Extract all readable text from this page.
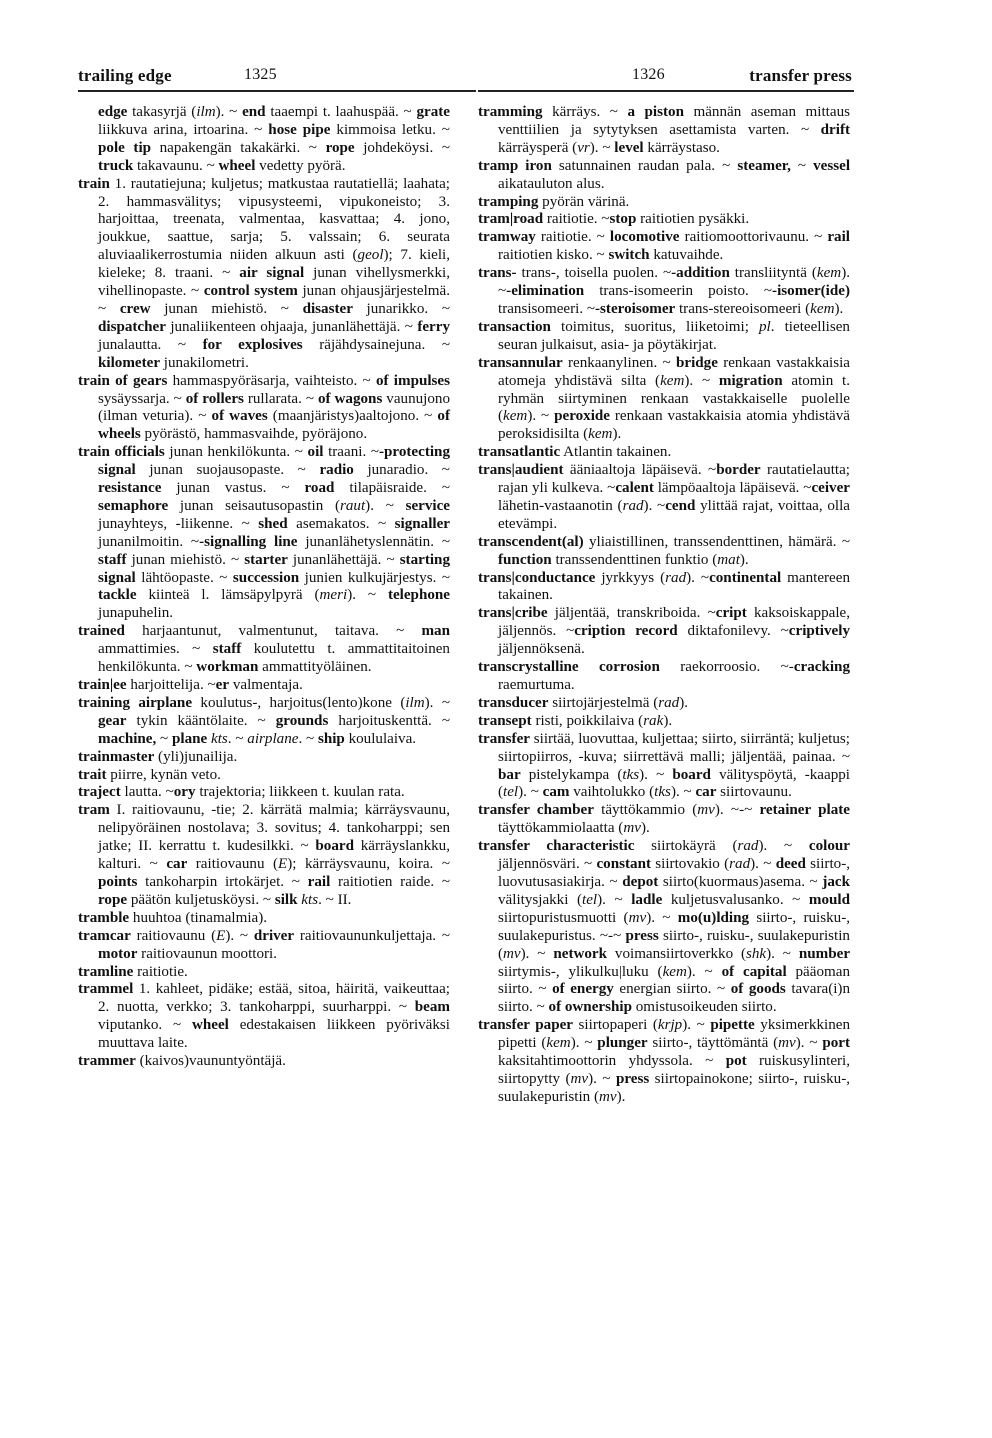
trailing edge	1325	1326	transfer press

edge takasyrjä (ilm). ~ end taaempi t. laahuspää. ~ grate liikkuva arina, irtoarina. ~ hose pipe kimmoisa letku. ~ pole tip napakengän takakärki. ~ rope johdeköysi. ~ truck takavaunu. ~ wheel vedetty pyörä.

train 1. rautatiejuna; kuljetus; matkustaa rautatiellä; laahata; 2. hammasvälitys; vipusysteemi, vipukoneisto; 3. harjoittaa, treenata, valmentaa, kasvattaa; 4. jono, joukkue, saattue, sarja; 5. valssain; 6. seurata aluviaalikerrostumia niiden alkuun asti (geol); 7. kieli, kieleke; 8. traani. ~ air signal junan vihellysmerkki, vihellinopaste. ~ control system junan ohjausjärjestelmä. ~ crew junan miehistö. ~ disaster junarikko. ~ dispatcher junaliikenteen ohjaaja, junanlähettäjä. ~ ferry junalautta. ~ for explosives räjähdysainejuna. ~ kilometer junakilometri.

train of gears hammaspyöräsarja, vaihteisto. ~ of impulses sysäyssarja. ~ of rollers rullarata. ~ of wagons vaunujono (ilman veturia). ~ of waves (maanjäristys)aaltojono. ~ of wheels pyörästö, hammasvaihde, pyöräjono.

train officials junan henkilökunta. ~ oil traani. ~-protecting signal junan suojausopaste. ~ radio junaradio. ~ resistance junan vastus. ~ road tilapäisraide. ~ semaphore junan seisautusopastin (raut). ~ service junayhteys, -liikenne. ~ shed asemakatos. ~ signaller junanilmoitin. ~-signalling line junanlähetyslennätin. ~ staff junan miehistö. ~ starter junanlähettäjä. ~ starting signal lähtöopaste. ~ succession junien kulkujärjestys. ~ tackle kiinteä l. lämsäpylpyrä (meri). ~ telephone junapuhelin.

trained harjaantunut, valmentunut, taitava. ~ man ammattimies. ~ staff koulutettu t. ammattitaitoinen henkilökunta. ~ workman ammattityöläinen.

train|ee harjoittelija. ~er valmentaja.

training airplane koulutus-, harjoitus(lento)kone (ilm). ~ gear tykin kääntölaite. ~ grounds harjoituskenttä. ~ machine, ~ plane kts. ~ airplane. ~ ship koululaiva.

trainmaster (yli)junailija.

trait piirre, kynän veto.

traject lautta. ~ory trajektoria; liikkeen t. kuulan rata.

tram I. raitiovaunu, -tie; 2. kärrätä malmia; kärräysvaunu, nelipyöräinen nostolava; 3. sovitus; 4. tankoharppi; sen jatke; II. kerrattu t. kudesilkki. ~ board kärräyslankku, kalturi. ~ car raitiovaunu (E); kärräysvaunu, koira. ~ points tankoharpin irtokärjet. ~ rail raitiotien raide. ~ rope päätön kuljetusköysi. ~ silk kts. ~ II.

tramble huuhtoa (tinamalmia).

tramcar raitiovaunu (E). ~ driver raitiovaununkuljettaja. ~ motor raitiovaunun moottori.

tramline raitiotie.

trammel 1. kahleet, pidäke; estää, sitoa, häiritä, vaikeuttaa; 2. nuotta, verkko; 3. tankoharppi, suurharppi. ~ beam viputanko. ~ wheel edestakaisen liikkeen pyöriväksi muuttava laite.

trammer (kaivos)vaununtyöntäjä.

tramming kärräys. ~ a piston männän aseman mittaus venttiilien ja sytytyksen asettamista varten. ~ drift kärräysperä (vr). ~ level kärräystaso.

tramp iron satunnainen raudan pala. ~ steamer, ~ vessel aikatauluton alus.

tramping pyörän värinä.

tram|road raitiotie. ~stop raitiotien pysäkki.

tramway raitiotie. ~ locomotive raitiomoottorivaunu. ~ rail raitiotien kisko. ~ switch katuvaihde.

trans- trans-, toisella puolen. ~-addition transliityntä (kem). ~-elimination trans-isomeerin poisto. ~-isomer(ide) transisomeeri. ~-steroisomer trans-stereoisomeeri (kem).

transaction toimitus, suoritus, liiketoimi; pl. tieteellisen seuran julkaisut, asia- ja pöytäkirjat.

transannular renkaanylinen. ~ bridge renkaan vastakkaisia atomeja yhdistävä silta (kem). ~ migration atomin t. ryhmän siirtyminen renkaan vastakkaiselle puolelle (kem). ~ peroxide renkaan vastakkaisia atomia yhdistävä peroksidisilta (kem).

transatlantic Atlantin takainen.

trans|audient ääniaaltoja läpäisevä. ~border rautatielautta; rajan yli kulkeva. ~calent lämpöaaltoja läpäisevä. ~ceiver lähetin-vastaanotin (rad). ~cend ylittää rajat, voittaa, olla etevämpi.

transcendent(al) yliaistillinen, transsendenttinen, hämärä. ~ function transsendenttinen funktio (mat).

trans|conductance jyrkkyys (rad). ~continental mantereen takainen.

trans|cribe jäljentää, transkriboida. ~cript kaksoiskappale, jäljennös. ~cription record diktafonilevy. ~criptively jäljennöksenä.

transcrystalline corrosion raekorroosio. ~-cracking raemurtuma.

transducer siirtojärjestelmä (rad).

transept risti, poikkilaiva (rak).

transfer siirtää, luovuttaa, kuljettaa; siirto, siirräntä; kuljetus; siirtopiirros, -kuva; siirrettävä malli; jäljentää, painaa. ~ bar pistelykampa (tks). ~ board välityspöytä, -kaappi (tel). ~ cam vaihtolukko (tks). ~ car siirtovaunu.

transfer chamber täyttökammio (mv). ~-~ retainer plate täyttökammiolaatta (mv).

transfer characteristic siirtokäyrä (rad). ~ colour jäljennösväri. ~ constant siirtovakio (rad). ~ deed siirto-, luovutusasiakirja. ~ depot siirto(kuormaus)asema. ~ jack välitysjakki (tel). ~ ladle kuljetusvalusanko. ~ mould siirtopuristusmuotti (mv). ~ mo(u)lding siirto-, ruisku-, suulakepuristus. ~-~ press siirto-, ruisku-, suulakepuristin (mv). ~ network voimansiirtoverkko (shk). ~ number siirtymis-, ylikulku|luku (kem). ~ of capital pääoman siirto. ~ of energy energian siirto. ~ of goods tavara(i)n siirto. ~ of ownership omistusoikeuden siirto.

transfer paper siirtopaperi (krjp). ~ pipette yksimerkkinen pipetti (kem). ~ plunger siirto-, täyttömäntä (mv). ~ port kaksitahtimoottorin yhdyssola. ~ pot ruiskusylinteri, siirtopytty (mv). ~ press siirtopainokone; siirto-, ruisku-, suulakepuristin (mv).
